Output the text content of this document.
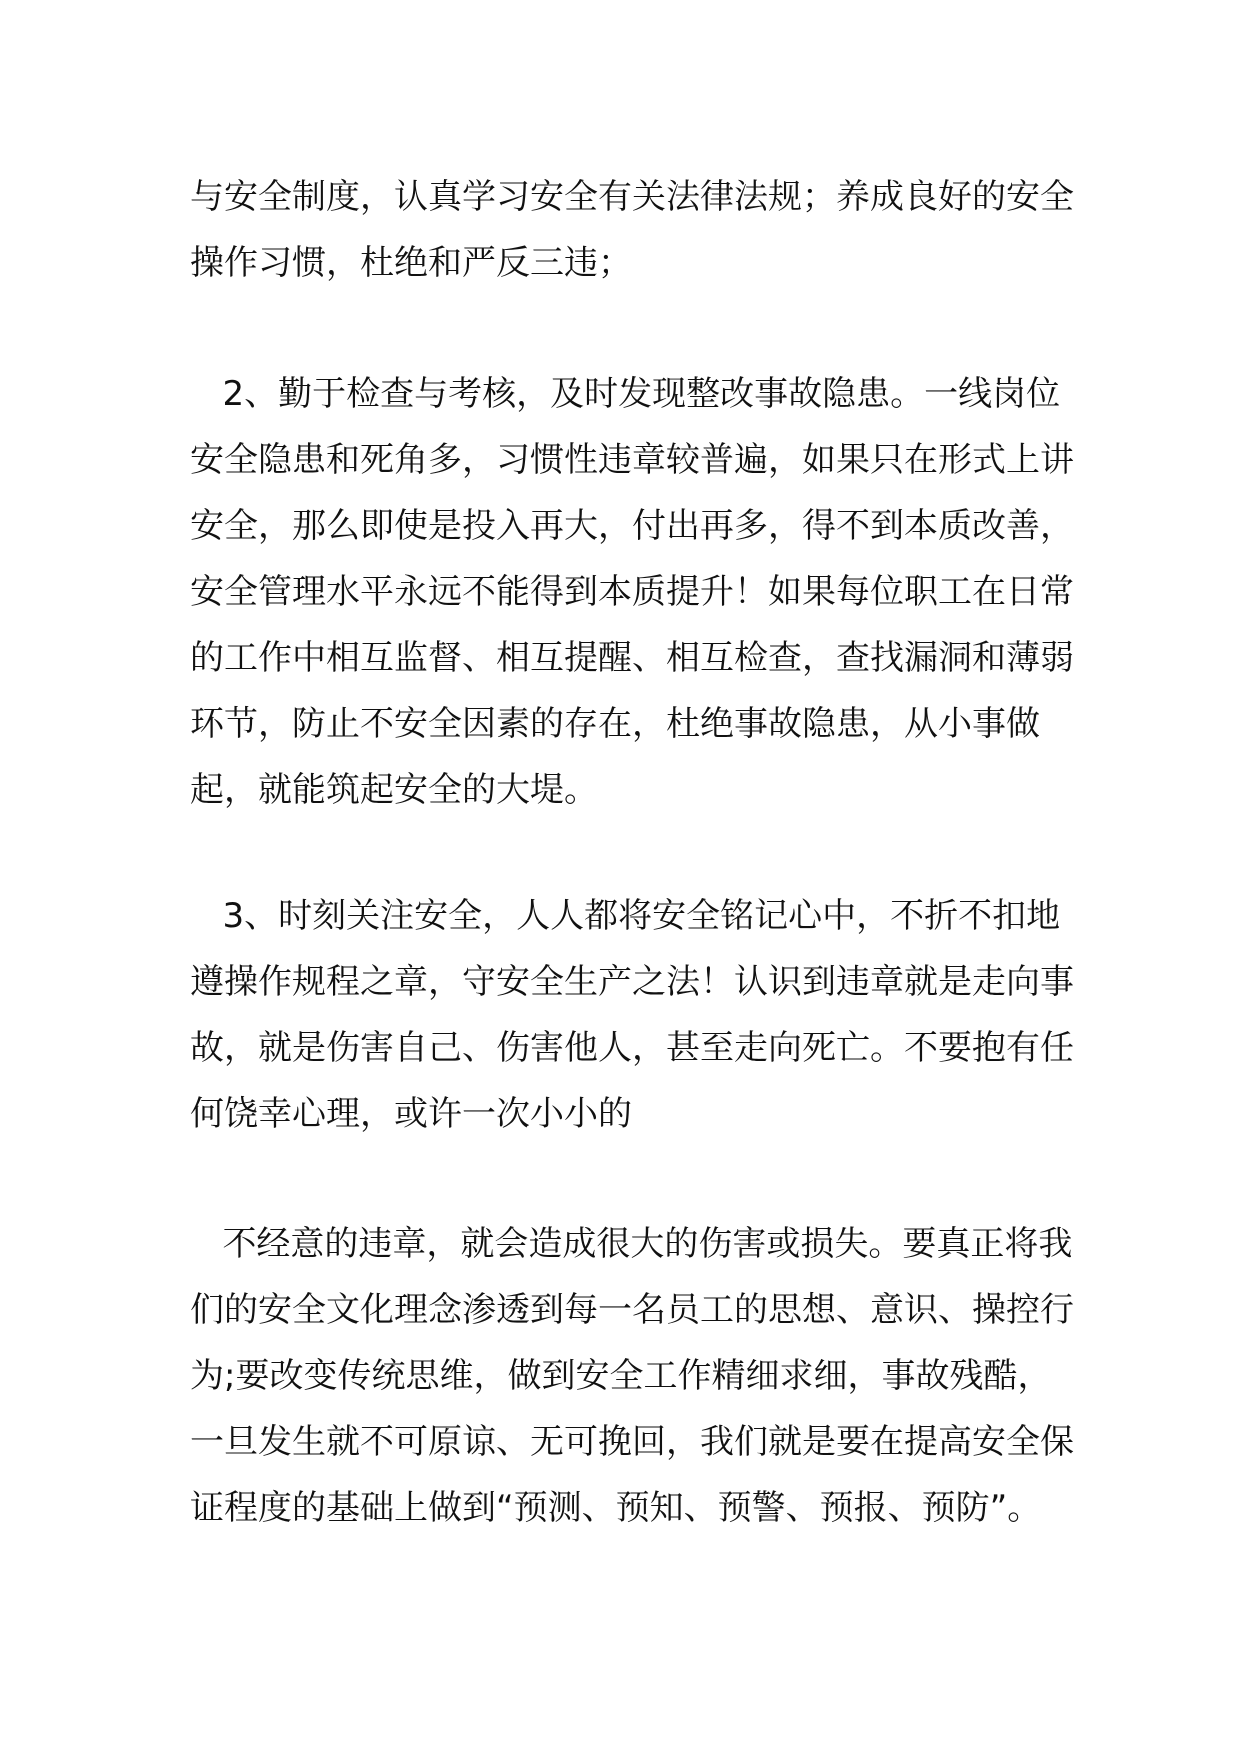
与安全制度，认真学习安全有关法律法规；养成良好的安全操作习惯，杜绝和严反三违；

2、勤于检查与考核，及时发现整改事故隐患。一线岗位安全隐患和死角多，习惯性违章较普遍，如果只在形式上讲安全，那么即使是投入再大，付出再多，得不到本质改善，安全管理水平永远不能得到本质提升！如果每位职工在日常的工作中相互监督、相互提醒、相互检查，查找漏洞和薄弱环节，防止不安全因素的存在，杜绝事故隐患，从小事做起，就能筑起安全的大堤。

3、时刻关注安全，人人都将安全铭记心中，不折不扣地遵操作规程之章，守安全生产之法！认识到违章就是走向事故，就是伤害自己、伤害他人，甚至走向死亡。不要抱有任何饶幸心理，或许一次小小的

不经意的违章，就会造成很大的伤害或损失。要真正将我们的安全文化理念渗透到每一名员工的思想、意识、操控行为;要改变传统思维，做到安全工作精细求细，事故残酷，一旦发生就不可原谅、无可挽回，我们就是要在提高安全保证程度的基础上做到“预测、预知、预警、预报、预防”。
